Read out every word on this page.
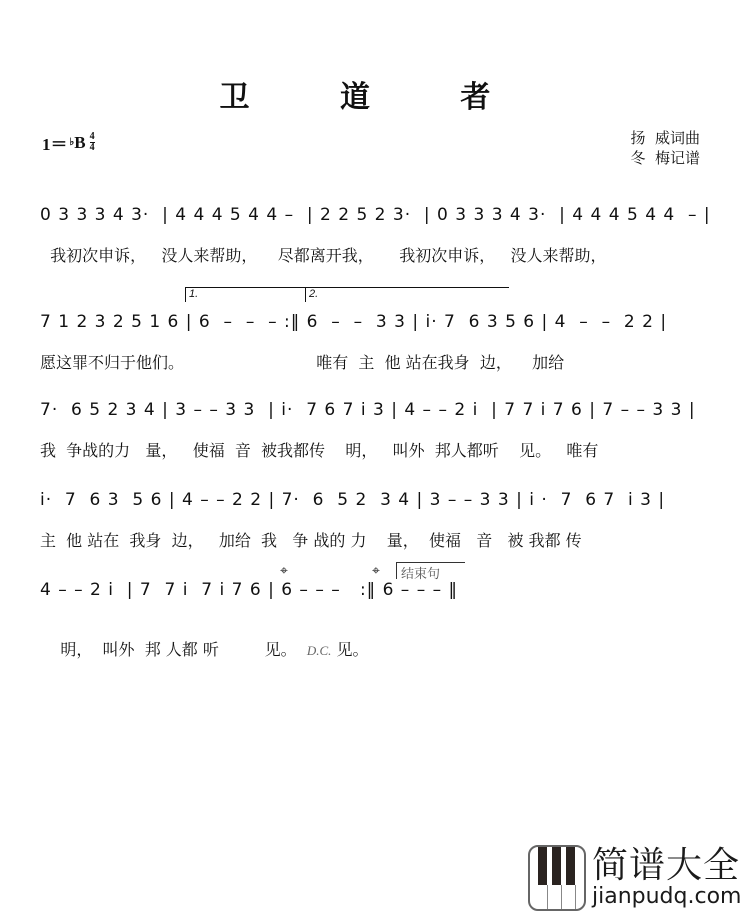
卫 道 者
1＝ ♭ B $\frac{4}{4}$	扬  威词曲
冬  梅记谱
0 3 3 3 4 3·  | 4 4 4 5 4 4 –  | 2 2 5 2 3·  | 0 3 3 3 4 3·  | 4 4 4 5 4 4  – |
我初次申诉，   没人来帮助，    尽都离开我，     我初次申诉，   没人来帮助，
1.	2.
7 1 2 3 2 5 1 6 | 6  –  –  – :‖ 6  –  –  3 3 | i· 7  6 3 5 6 | 4  –  –  2 2 |
愿这罪不归于他们。                          唯有  主  他 站在我身  边，    加给
7·  6 5 2 3 4 | 3 – – 3 3  | i·  7 6 7 i 3 | 4 – – 2 i  | 7 7 i 7 6 | 7 – – 3 3 |
我  争战的力   量，   使福  音  被我都传    明，   叫外  邦人都听    见。   唯有
i·  7  6 3  5 6 | 4 – – 2 2 | 7·  6  5 2  3 4 | 3 – – 3 3 | i ·  7  6 7  i 3 |
主  他 站在  我身  边，   加给  我   争 战的 力    量，  使福   音   被 我都 传
⌖	⌖	结束句
4 – – 2 i  | 7  7 i  7 i 7 6 | 6 – – –   :‖ 6 – – – ‖

明，  叫外  邦 人都 听         见。  D.C. 见。

简谱大全
jianpudq.com
